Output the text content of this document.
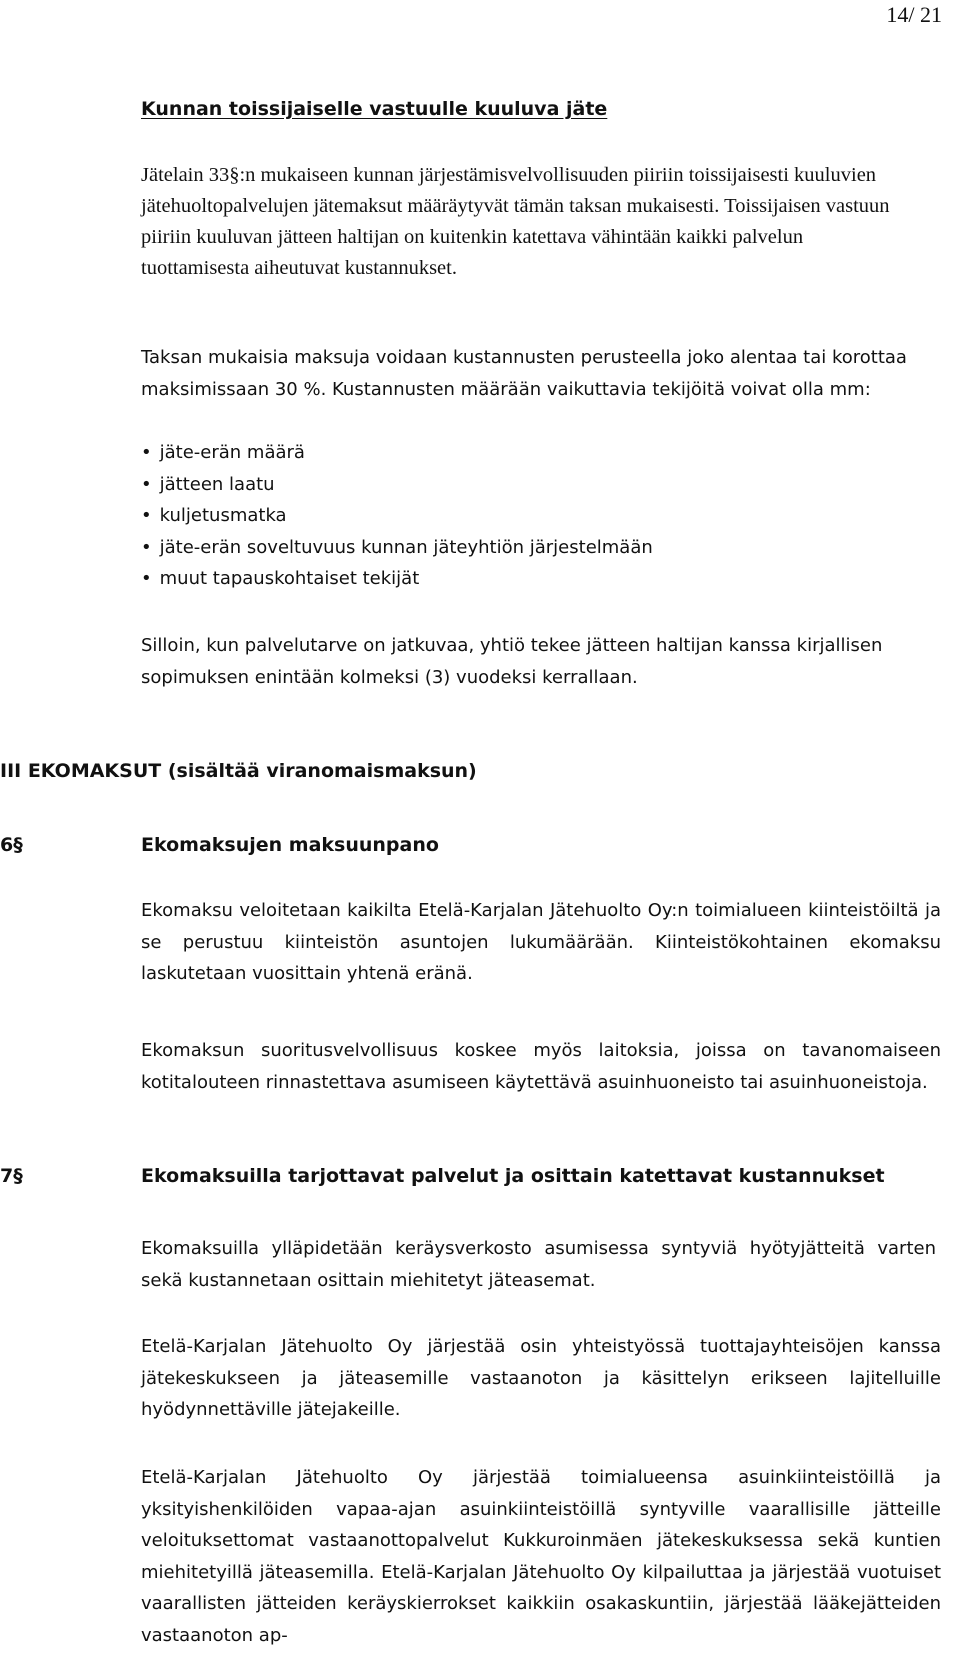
14/ 21
Kunnan toissijaiselle vastuulle kuuluva jäte

Jätelain 33§:n mukaiseen kunnan järjestämisvelvollisuuden piiriin toissijaisesti kuuluvien jätehuoltopalvelujen jätemaksut määräytyvät tämän taksan mukaisesti. Toissijaisen vastuun piiriin kuuluvan jätteen haltijan on kuitenkin katettava vähintään kaikki palvelun tuottamisesta aiheutuvat kustannukset.

Taksan mukaisia maksuja voidaan kustannusten perusteella joko alentaa tai korottaa maksimissaan 30 %. Kustannusten määrään vaikuttavia tekijöitä voivat olla mm:

• jäte-erän määrä
• jätteen laatu
• kuljetusmatka
• jäte-erän soveltuvuus kunnan jäteyhtiön järjestelmään
• muut tapauskohtaiset tekijät

Silloin, kun palvelutarve on jatkuvaa, yhtiö tekee jätteen haltijan kanssa kirjallisen sopimuksen enintään kolmeksi (3) vuodeksi kerrallaan.

III EKOMAKSUT (sisältää viranomaismaksun)
6§	Ekomaksujen maksuunpano

Ekomaksu veloitetaan kaikilta Etelä-Karjalan Jätehuolto Oy:n toimialueen kiinteistöiltä ja se perustuu kiinteistön asuntojen lukumäärään. Kiinteistökohtainen ekomaksu laskutetaan vuosittain yhtenä eränä.

Ekomaksun suoritusvelvollisuus koskee myös laitoksia, joissa on tavanomaiseen kotitalouteen rinnastettava asumiseen käytettävä asuinhuoneisto tai asuinhuoneistoja.

7§	Ekomaksuilla tarjottavat palvelut ja osittain katettavat kustannukset

Ekomaksuilla ylläpidetään keräysverkosto asumisessa syntyviä hyötyjätteitä varten sekä kustannetaan osittain miehitetyt jäteasemat.

Etelä-Karjalan Jätehuolto Oy järjestää osin yhteistyössä tuottajayhteisöjen kanssa jätekeskukseen ja jäteasemille vastaanoton ja käsittelyn erikseen lajitelluille hyödynnettäville jätejakeille.

Etelä-Karjalan Jätehuolto Oy järjestää toimialueensa asuinkiinteistöillä ja yksityishenkilöiden vapaa-ajan asuinkiinteistöillä syntyville vaarallisille jätteille veloituksettomat vastaanottopalvelut Kukkuroinmäen jätekeskuksessa sekä kuntien miehitetyillä jäteasemilla. Etelä-Karjalan Jätehuolto Oy kilpailuttaa ja järjestää vuotuiset vaarallisten jätteiden keräyskierrokset kaikkiin osakaskuntiin, järjestää lääkejätteiden vastaanoton ap-
